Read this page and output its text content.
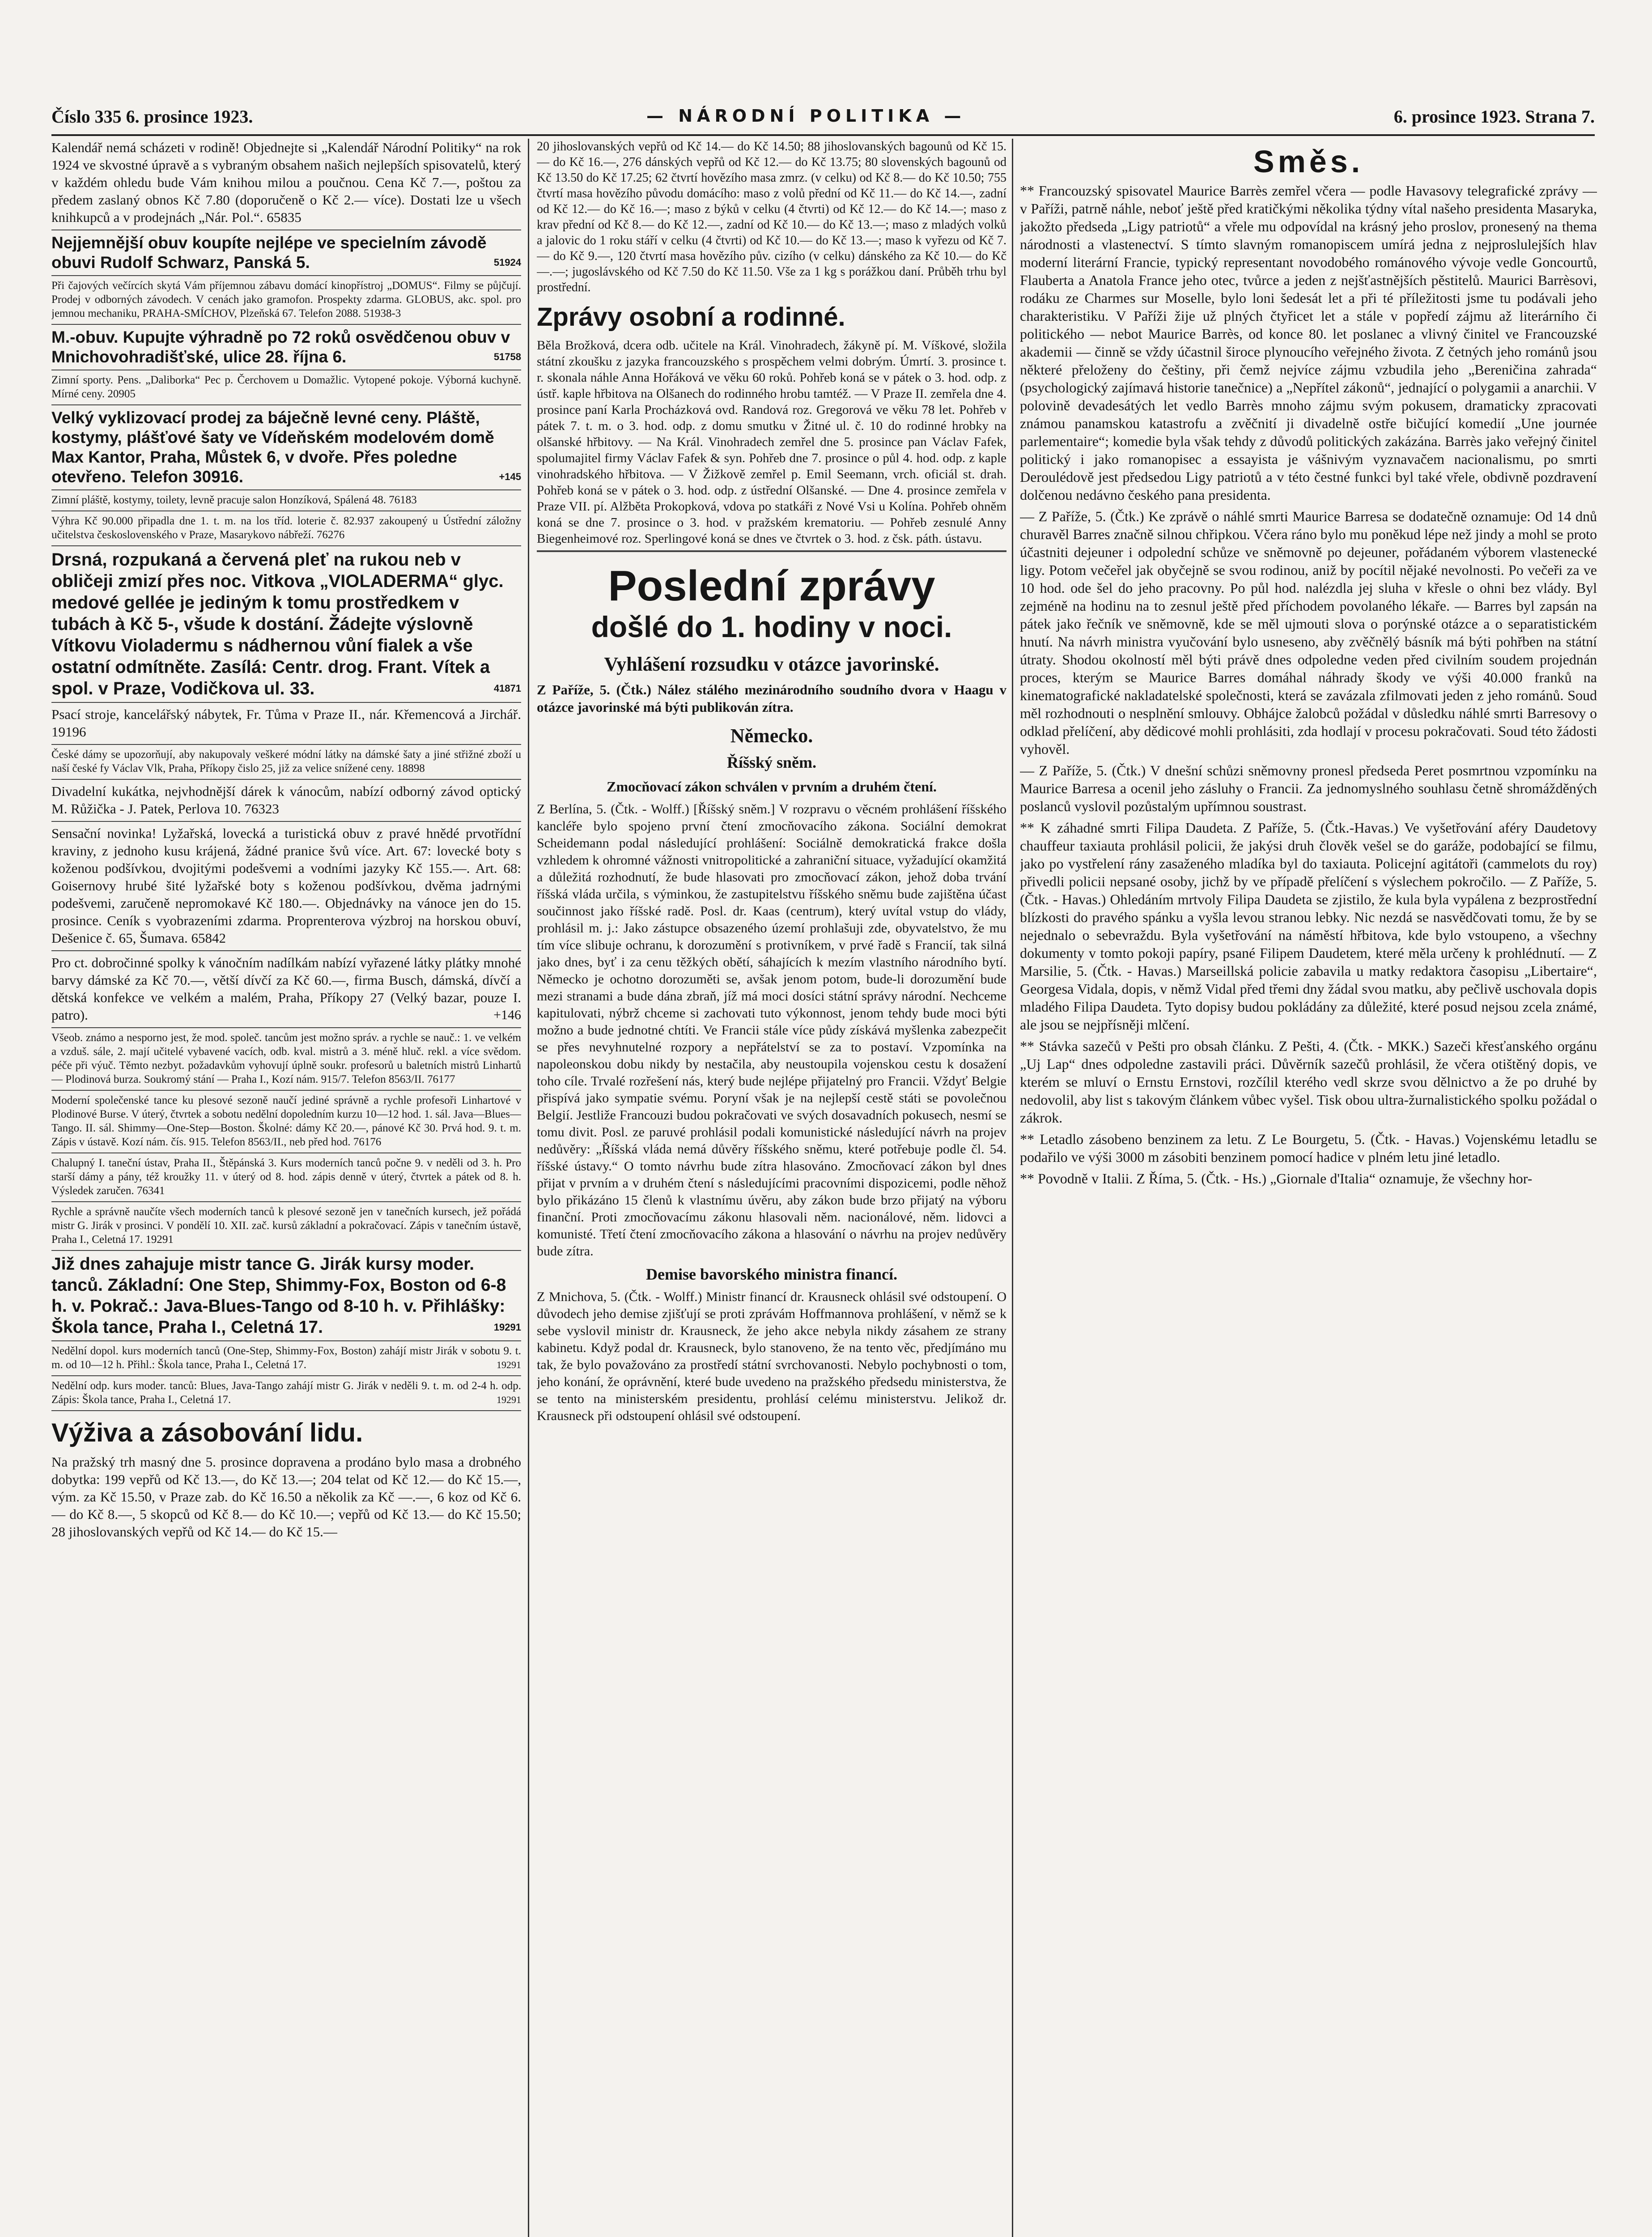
Číslo 335 6. prosince 1923.	— NÁRODNÍ POLITIKA —	6. prosince 1923. Strana 7.

Kalendář nemá scházeti v rodině! Objednejte si „Kalendář Národní Politiky“ na rok 1924 ve skvostné úpravě a s vybraným obsahem našich nejlepších spisovatelů, který v každém ohledu bude Vám knihou milou a poučnou. Cena Kč 7.—, poštou za předem zaslaný obnos Kč 7.80 (doporučeně o Kč 2.— více). Dostati lze u všech knihkupců a v prodejnách „Nár. Pol.“. 65835

Nejjemnější obuv koupíte nejlépe ve specielním závodě obuvi Rudolf Schwarz, Panská 5.	51924

Při čajových večírcích skytá Vám příjemnou zábavu domácí kinopřístroj „DOMUS“. Filmy se půjčují. Prodej v odborných závodech. V cenách jako gramofon. Prospekty zdarma. GLOBUS, akc. spol. pro jemnou mechaniku, PRAHA-SMÍCHOV, Plzeňská 67. Telefon 2088. 51938-3

M.-obuv. Kupujte výhradně po 72 roků osvědčenou obuv v Mnichovohradišťské, ulice 28. října 6.	51758

Zimní sporty. Pens. „Daliborka“ Pec p. Čerchovem u Domažlic. Vytopené pokoje. Výborná kuchyně. Mírné ceny. 20905

Velký vyklizovací prodej za báječně levné ceny. Pláště, kostymy, plášťové šaty ve Vídeňském modelovém domě Max Kantor, Praha, Můstek 6, v dvoře. Přes poledne otevřeno. Telefon 30916.	+145

Zimní pláště, kostymy, toilety, levně pracuje salon Honzíková, Spálená 48. 76183

Výhra Kč 90.000 připadla dne 1. t. m. na los tříd. loterie č. 82.937 zakoupený u Ústřední záložny učitelstva československého v Praze, Masarykovo nábřeží. 76276

Drsná, rozpukaná a červená pleť na rukou neb v obličeji zmizí přes noc. Vitkova „VIOLADERMA“ glyc. medové gellée je jediným k tomu prostředkem v tubách à Kč 5-, všude k dostání. Žádejte výslovně Vítkovu Violadermu s nádhernou vůní fialek a vše ostatní odmítněte. Zasílá: Centr. drog. Frant. Vítek a spol. v Praze, Vodičkova ul. 33.	41871

Psací stroje, kancelářský nábytek, Fr. Tůma v Praze II., nár. Křemencová a Jirchář. 19196

České dámy se upozorňují, aby nakupovaly veškeré módní látky na dámské šaty a jiné střižné zboží u naší české fy Václav Vlk, Praha, Příkopy čislo 25, již za velice snížené ceny. 18898

Divadelní kukátka, nejvhodnější dárek k vánocům, nabízí odborný závod optický M. Růžička - J. Patek, Perlova 10. 76323

Sensační novinka! Lyžařská, lovecká a turistická obuv z pravé hnědé prvotřídní kraviny, z jednoho kusu krájená, žádné pranice švů více. Art. 67: lovecké boty s koženou podšívkou, dvojitými podešvemi a vodními jazyky Kč 155.—. Art. 68: Goisernovy hrubé šité lyžařské boty s koženou podšívkou, dvěma jadrnými podešvemi, zaručeně nepromokavé Kč 180.—. Objednávky na vánoce jen do 15. prosince. Ceník s vyobrazeními zdarma. Proprenterova výzbroj na horskou obuví, Dešenice č. 65, Šumava. 65842

Pro ct. dobročinné spolky k vánočním nadílkám nabízí vyřazené látky plátky mnohé barvy dámské za Kč 70.—, větší dívčí za Kč 60.—, firma Busch, dámská, dívčí a dětská konfekce ve velkém a malém, Praha, Příkopy 27 (Velký bazar, pouze I. patro).	+146

Všeob. známo a nesporno jest, že mod. společ. tancům jest možno správ. a rychle se nauč.: 1. ve velkém a vzduš. sále, 2. mají učitelé vybavené vacích, odb. kval. mistrů a 3. méně hluč. rekl. a více svědom. péče při výuč. Těmto nezbyt. požadavkům vyhovují úplně soukr. profesorů u baletních mistrů Linhartů — Plodinová burza. Soukromý stání — Praha I., Kozí nám. 915/7. Telefon 8563/II. 76177

Moderní společenské tance ku plesové sezoně naučí jediné správně a rychle profesoři Linhartové v Plodinové Burse. V úterý, čtvrtek a sobotu nedělní dopoledním kurzu 10—12 hod. 1. sál. Java—Blues—Tango. II. sál. Shimmy—One-Step—Boston. Školné: dámy Kč 20.—, pánové Kč 30. Prvá hod. 9. t. m. Zápis v ústavě. Kozí nám. čís. 915. Telefon 8563/II., neb před hod. 76176

Chalupný I. taneční ústav, Praha II., Štěpánská 3. Kurs moderních tanců počne 9. v neděli od 3. h. Pro starší dámy a pány, též kroužky 11. v úterý od 8. hod. zápis denně v úterý, čtvrtek a pátek od 8. h. Výsledek zaručen. 76341

Rychle a správně naučíte všech moderních tanců k plesové sezoně jen v tanečních kursech, jež pořádá mistr G. Jirák v prosinci. V pondělí 10. XII. zač. kursů základní a pokračovací. Zápis v tanečním ústavě, Praha I., Celetná 17. 19291

Již dnes zahajuje mistr tance G. Jirák kursy moder. tanců. Základní: One Step, Shimmy-Fox, Boston od 6-8 h. v. Pokrač.: Java-Blues-Tango od 8-10 h. v. Přihlášky: Škola tance, Praha I., Celetná 17.	19291
Nedělní dopol. kurs moderních tanců (One-Step, Shimmy-Fox, Boston) zahájí mistr Jirák v sobotu 9. t. m. od 10—12 h. Přihl.: Škola tance, Praha I., Celetná 17.	19291
Nedělní odp. kurs moder. tanců: Blues, Java-Tango zahájí mistr G. Jirák v neděli 9. t. m. od 2-4 h. odp. Zápis: Škola tance, Praha I., Celetná 17.	19291
Výživa a zásobování lidu.

Na pražský trh masný dne 5. prosince dopravena a prodáno bylo masa a drobného dobytka: 199 vepřů od Kč 13.—, do Kč 13.—; 204 telat od Kč 12.— do Kč 15.—, vým. za Kč 15.50, v Praze zab. do Kč 16.50 a několik za Kč —.—, 6 koz od Kč 6.— do Kč 8.—, 5 skopců od Kč 8.— do Kč 10.—; vepřů od Kč 13.— do Kč 15.50; 28 jihoslovanských vepřů od Kč 14.— do Kč 15.—

20 jihoslovanských vepřů od Kč 14.— do Kč 14.50; 88 jihoslovanských bagounů od Kč 15.— do Kč 16.—, 276 dánských vepřů od Kč 12.— do Kč 13.75; 80 slovenských bagounů od Kč 13.50 do Kč 17.25; 62 čtvrtí hovězího masa zmrz. (v celku) od Kč 8.— do Kč 10.50; 755 čtvrtí masa hovězího původu domácího: maso z volů přední od Kč 11.— do Kč 14.—, zadní od Kč 12.— do Kč 16.—; maso z býků v celku (4 čtvrti) od Kč 12.— do Kč 14.—; maso z krav přední od Kč 8.— do Kč 12.—, zadní od Kč 10.— do Kč 13.—; maso z mladých volků a jalovic do 1 roku stáří v celku (4 čtvrti) od Kč 10.— do Kč 13.—; maso k vyřezu od Kč 7.— do Kč 9.—, 120 čtvrtí masa hovězího pův. cizího (v celku) dánského za Kč 10.— do Kč —.—; jugoslávského od Kč 7.50 do Kč 11.50. Vše za 1 kg s porážkou daní. Průběh trhu byl prostřední.

Zprávy osobní a rodinné.

Běla Brožková, dcera odb. učitele na Král. Vinohradech, žákyně pí. M. Víškové, složila státní zkoušku z jazyka francouzského s prospěchem velmi dobrým. Úmrtí. 3. prosince t. r. skonala náhle Anna Hořáková ve věku 60 roků. Pohřeb koná se v pátek o 3. hod. odp. z ústř. kaple hřbitova na Olšanech do rodinného hrobu tamtéž. — V Praze II. zemřela dne 4. prosince paní Karla Procházková ovd. Randová roz. Gregorová ve věku 78 let. Pohřeb v pátek 7. t. m. o 3. hod. odp. z domu smutku v Žitné ul. č. 10 do rodinné hrobky na olšanské hřbitovy. — Na Král. Vinohradech zemřel dne 5. prosince pan Václav Fafek, spolumajitel firmy Václav Fafek & syn. Pohřeb dne 7. prosince o půl 4. hod. odp. z kaple vinohradského hřbitova. — V Žižkově zemřel p. Emil Seemann, vrch. oficiál st. drah. Pohřeb koná se v pátek o 3. hod. odp. z ústřední Olšanské. — Dne 4. prosince zemřela v Praze VII. pí. Alžběta Prokopková, vdova po statkáři z Nové Vsi u Kolína. Pohřeb ohněm koná se dne 7. prosince o 3. hod. v pražském krematoriu. — Pohřeb zesnulé Anny Biegenheimové roz. Sperlingové koná se dnes ve čtvrtek o 3. hod. z čsk. páth. ústavu.

Poslední zprávy
došlé do 1. hodiny v noci.
Vyhlášení rozsudku v otázce javorinské.

Z Paříže, 5. (Čtk.) Nález stálého mezinárodního soudního dvora v Haagu v otázce javorinské má býti publikován zítra.

Německo.
Říšský sněm.
Zmocňovací zákon schválen v prvním a druhém čtení.

Z Berlína, 5. (Čtk. - Wolff.) [Říšský sněm.] V rozpravu o věcném prohlášení říšského kancléře bylo spojeno první čtení zmocňovacího zákona. Sociální demokrat Scheidemann podal následující prohlášení: Sociálně demokratická frakce došla vzhledem k ohromné vážnosti vnitropolitické a zahraniční situace, vyžadující okamžitá a důležitá rozhodnutí, že bude hlasovati pro zmocňovací zákon, jehož doba trvání říšská vláda určila, s výminkou, že zastupitelstvu říšského sněmu bude zajištěna účast součinnost jako říšské radě. Posl. dr. Kaas (centrum), který uvítal vstup do vlády, prohlásil m. j.: Jako zástupce obsazeného území prohlašuji zde, obyvatelstvo, že mu tím více slibuje ochranu, k dorozumění s protivníkem, v prvé řadě s Francií, tak silná jako dnes, byť i za cenu těžkých obětí, sáhajících k mezím vlastního národního bytí. Německo je ochotno dorozuměti se, avšak jenom potom, bude-li dorozumění bude mezi stranami a bude dána zbraň, jíž má moci dosíci státní správy národní. Nechceme kapitulovati, nýbrž chceme si zachovati tuto výkonnost, jenom tehdy bude moci býti možno a bude jednotné chtíti. Ve Francii stále více půdy získává myšlenka zabezpečit se přes nevyhnutelné rozpory a nepřátelství se za to postaví. Vzpomínka na napoleonskou dobu nikdy by nestačila, aby neustoupila vojenskou cestu k dosažení toho cíle. Trvalé rozřešení nás, který bude nejlépe přijatelný pro Francii. Vždyť Belgie přispívá jako sympatie svému. Poryní však je na nejlepší cestě státi se povolečnou Belgií. Jestliže Francouzi budou pokračovati ve svých dosavadních pokusech, nesmí se tomu divit. Posl. ze paruvé prohlásil podali komunistické následující návrh na projev nedůvěry: „Říšská vláda nemá důvěry říšského sněmu, které potřebuje podle čl. 54. říšské ústavy.“ O tomto návrhu bude zítra hlasováno. Zmocňovací zákon byl dnes přijat v prvním a v druhém čtení s následujícími pracovními dispozicemi, podle něhož bylo přikázáno 15 členů k vlastnímu úvěru, aby zákon bude brzo přijatý na výboru finanční. Proti zmocňovacímu zákonu hlasovali něm. nacionálové, něm. lidovci a komunisté. Třetí čtení zmocňovacího zákona a hlasování o návrhu na projev nedůvěry bude zítra.

Demise bavorského ministra financí.

Z Mnichova, 5. (Čtk. - Wolff.) Ministr financí dr. Krausneck ohlásil své odstoupení. O důvodech jeho demise zjišťují se proti zprávám Hoffmannova prohlášení, v němž se k sebe vyslovil ministr dr. Krausneck, že jeho akce nebyla nikdy zásahem ze strany kabinetu. Když podal dr. Krausneck, bylo stanoveno, že na tento věc, předjímáno mu tak, že bylo považováno za prostředí státní svrchovanosti. Nebylo pochybnosti o tom, jeho konání, že oprávnění, které bude uvedeno na pražského předsedu ministerstva, že se tento na ministerském presidentu, prohlásí celému ministerstvu. Jelikož dr. Krausneck při odstoupení ohlásil své odstoupení.

Směs.

** Francouzský spisovatel Maurice Barrès zemřel včera — podle Havasovy telegrafické zprávy — v Paříži, patrně náhle, neboť ještě před kratičkými několika týdny vítal našeho presidenta Masaryka, jakožto předseda „Ligy patriotů“ a vřele mu odpovídal na krásný jeho proslov, pronesený na thema národnosti a vlastenectví. S tímto slavným romanopiscem umírá jedna z nejproslulejších hlav moderní literární Francie, typický representant novodobého románového vývoje vedle Goncourtů, Flauberta a Anatola France jeho otec, tvůrce a jeden z nejšťastnějších pěstitelů. Maurici Barrèsovi, rodáku ze Charmes sur Moselle, bylo loni šedesát let a při té příležitosti jsme tu podávali jeho charakteristiku. V Paříži žije už plných čtyřicet let a stále v popředí zájmu až literárního či politického — nebot Maurice Barrès, od konce 80. let poslanec a vlivný činitel ve Francouzské akademii — činně se vždy účastnil široce plynoucího veřejného života. Z četných jeho románů jsou některé přeloženy do češtiny, při čemž nejvíce zájmu vzbudila jeho „Bereničina zahrada“ (psychologický zajímavá historie tanečnice) a „Nepřítel zákonů“, jednající o polygamii a anarchii. V polovině devadesátých let vedlo Barrès mnoho zájmu svým pokusem, dramaticky zpracovati známou panamskou katastrofu a zvěčnití ji divadelně ostře bičující komedií „Une journée parlementaire“; komedie byla však tehdy z důvodů politických zakázána. Barrès jako veřejný činitel politický i jako romanopisec a essayista je vášnivým vyznavačem nacionalismu, po smrti Deroulédově jest předsedou Ligy patriotů a v této čestné funkci byl také vřele, obdivně pozdravení dolčenou nedávno českého pana presidenta.

— Z Paříže, 5. (Čtk.) Ke zprávě o náhlé smrti Maurice Barresa se dodatečně oznamuje: Od 14 dnů churavěl Barres značně silnou chřipkou. Včera ráno bylo mu poněkud lépe než jindy a mohl se proto účastniti dejeuner i odpolední schůze ve sněmovně po dejeuner, pořádaném výborem vlastenecké ligy. Potom večeřel jak obyčejně se svou rodinou, aniž by pocítil nějaké nevolnosti. Po večeři za ve 10 hod. ode šel do jeho pracovny. Po půl hod. nalézdla jej sluha v křesle o ohni bez vlády. Byl zejméně na hodinu na to zesnul ještě před příchodem povolaného lékaře. — Barres byl zapsán na pátek jako řečník ve sněmovně, kde se měl ujmouti slova o porýnské otázce a o separatistickém hnutí. Na návrh ministra vyučování bylo usneseno, aby zvěčnělý básník má býti pohřben na státní útraty. Shodou okolností měl býti právě dnes odpoledne veden před civilním soudem projednán proces, kterým se Maurice Barres domáhal náhrady škody ve výši 40.000 franků na kinematografické nakladatelské společnosti, která se zavázala zfilmovati jeden z jeho románů. Soud měl rozhodnouti o nesplnění smlouvy. Obhájce žalobců požádal v důsledku náhlé smrti Barresovy o odklad přelíčení, aby dědicové mohli prohlásiti, zda hodlají v procesu pokračovati. Soud této žádosti vyhověl.

— Z Paříže, 5. (Čtk.) V dnešní schůzi sněmovny pronesl předseda Peret posmrtnou vzpomínku na Maurice Barresa a ocenil jeho zásluhy o Francii. Za jednomyslného souhlasu četně shromážděných poslanců vyslovil pozůstalým upřímnou soustrast.

** K záhadné smrti Filipa Daudeta. Z Paříže, 5. (Čtk.-Havas.) Ve vyšetřování aféry Daudetovy chauffeur taxiauta prohlásil policii, že jakýsi druh člověk vešel se do garáže, podobající se filmu, jako po vystřelení rány zasaženého mladíka byl do taxiauta. Policejní agitátoři (cammelots du roy) přivedli policii nepsané osoby, jichž by ve případě přelíčení s výslechem pokročilo. — Z Paříže, 5. (Čtk. - Havas.) Ohledáním mrtvoly Filipa Daudeta se zjistilo, že kula byla vypálena z bezprostřední blízkosti do pravého spánku a vyšla levou stranou lebky. Nic nezdá se nasvědčovati tomu, že by se nejednalo o sebevraždu. Byla vyšetřování na náměstí hřbitova, kde bylo vstoupeno, a všechny dokumenty v tomto pokoji papíry, psané Filipem Daudetem, které měla určeny k prohlédnutí. — Z Marsilie, 5. (Čtk. - Havas.) Marseillská policie zabavila u matky redaktora časopisu „Libertaire“, Georgesa Vidala, dopis, v němž Vidal před třemi dny žádal svou matku, aby pečlivě uschovala dopis mladého Filipa Daudeta. Tyto dopisy budou pokládány za důležité, které posud nejsou zcela známé, ale jsou se nejpřísněji mlčení.

** Stávka sazečů v Pešti pro obsah článku. Z Pešti, 4. (Čtk. - MKK.) Sazeči křesťanského orgánu „Uj Lap“ dnes odpoledne zastavili práci. Důvěrník sazečů prohlásil, že včera otištěný dopis, ve kterém se mluví o Ernstu Ernstovi, rozčílil kterého vedl skrze svou dělnictvo a že po druhé by nedovolil, aby list s takovým článkem vůbec vyšel. Tisk obou ultra-žurnalistického spolku požádal o zákrok.

** Letadlo zásobeno benzinem za letu. Z Le Bourgetu, 5. (Čtk. - Havas.) Vojenskému letadlu se podařilo ve výši 3000 m zásobiti benzinem pomocí hadice v plném letu jiné letadlo.

** Povodně v Italii. Z Říma, 5. (Čtk. - Hs.) „Giornale d'Italia“ oznamuje, že všechny hor-
